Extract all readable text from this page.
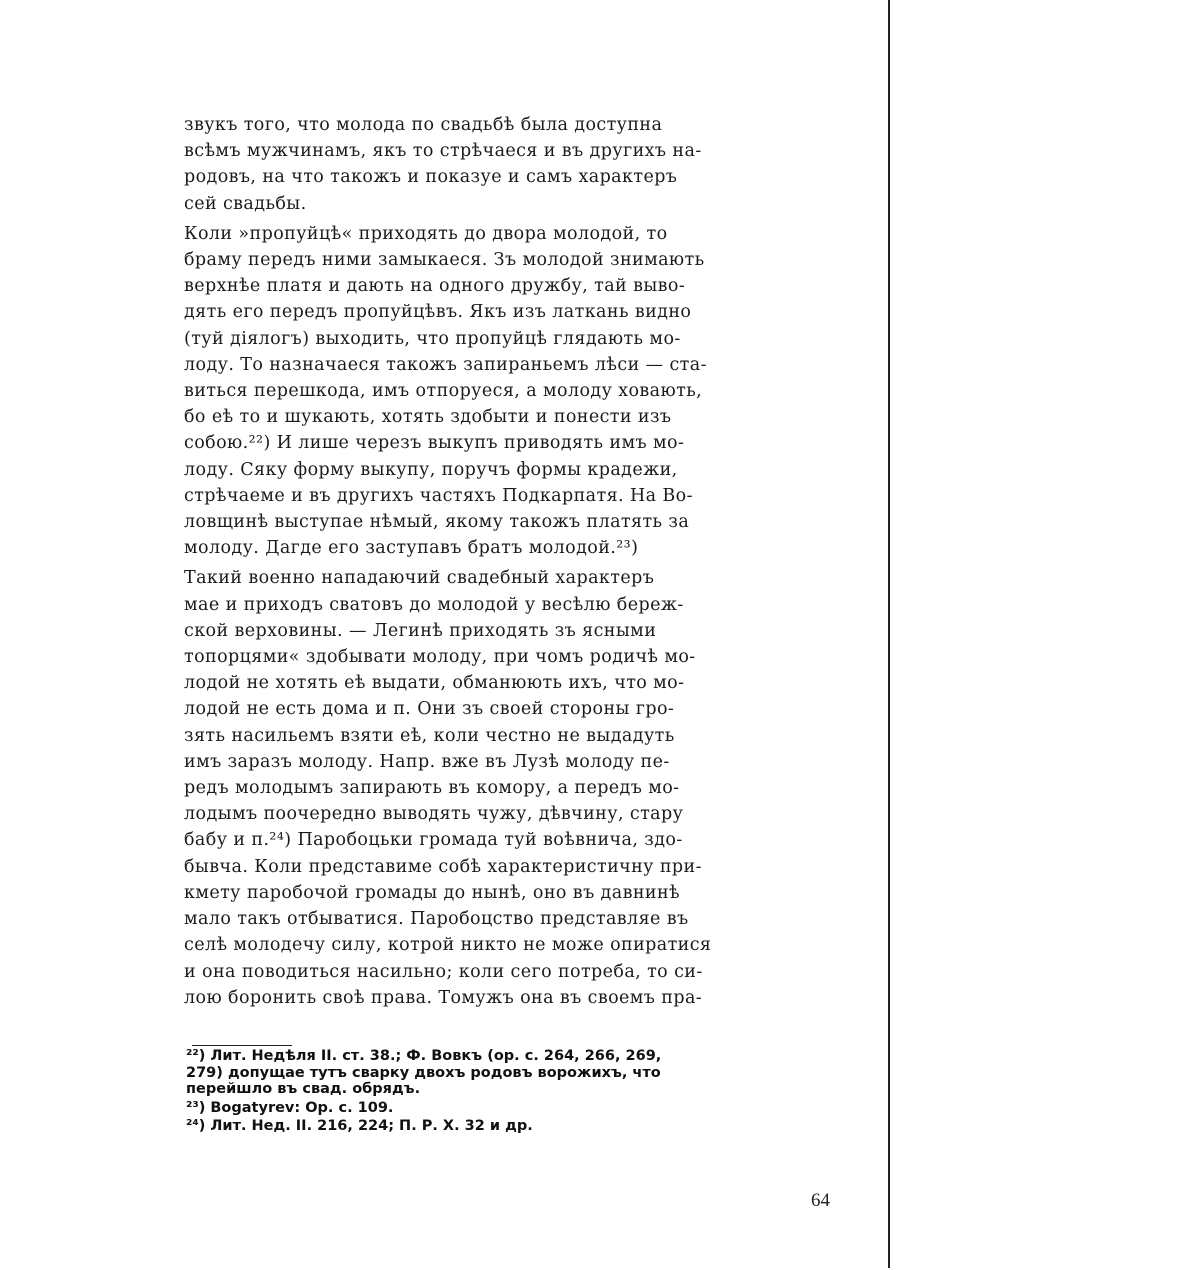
звукъ того, что молода по свадьбѣ была доступна
всѣмъ мужчинамъ, якъ то стрѣчаеся и въ другихъ на-
родовъ, на что такожъ и показуе и самъ характеръ
сей свадьбы.

Коли »пропуйцѣ« приходять до двора молодой, то
браму передъ ними замыкаеся. Зъ молодой знимають
верхнѣе платя и дають на одного дружбу, тай выво-
дять его передъ пропуйцѣвъ. Якъ изъ латкань видно
(туй дiялогъ) выходить, что пропуйцѣ глядають мо-
лоду. То назначаеся такожъ запираньемъ лѣси — ста-
виться перешкода, имъ отпоруеся, а молоду ховають,
бо еѣ то и шукають, хотять здобыти и понести изъ
собою.²²) И лише черезъ выкупъ приводять имъ мо-
лоду. Сяку формy выкупу, поручъ формы крадежи,
стрѣчаеме и въ другихъ частяхъ Подкарпатя. На Во-
ловщинѣ выступае нѣмый, якому такожъ платять за
молоду. Дагде его заступавъ братъ молодой.²³)

Такий военно нападаючий свадебный характеръ
мае и приходъ сватовъ до молодой у весѣлю береж-
ской верховины. — Легинѣ приходять зъ ясными
топорцями« здобывати молоду, при чомъ родичѣ мо-
лодой не хотять еѣ выдати, обманюють ихъ, что мо-
лодой не есть дома и п. Они зъ своей стороны гро-
зять насильемъ взяти еѣ, коли честно не выдадуть
имъ заразъ молоду. Напр. вже въ Лузѣ молоду пе-
редъ молодымъ запирають въ комору, а передъ мо-
лодымъ поочередно выводять чужу, дѣвчину, стару
бабу и п.²⁴) Паробоцьки громада туй воѣвнича, здо-
бывча. Коли представиме собѣ характеристичну при-
кмету паробочой громады до нынѣ, оно въ давнинѣ
мало такъ отбыватися. Паробоцство представляе въ
селѣ молодечу силу, котрой никто не може опиратися
и она поводиться насильно; коли сего потреба, то си-
лою боронить своѣ права. Томужъ она въ своемъ пра-

²²) Лит. Недѣля II. ст. 38.; Ф. Вовкъ (ор. с. 264, 266, 269,
279) допущае тутъ сварку двохъ родовъ ворожихъ, что
перейшло въ свад. обрядъ.

²³) Bogatyrev: Op. c. 109.

²⁴) Лит. Нед. II. 216, 224; П. Р. Х. 32 и др.

64
